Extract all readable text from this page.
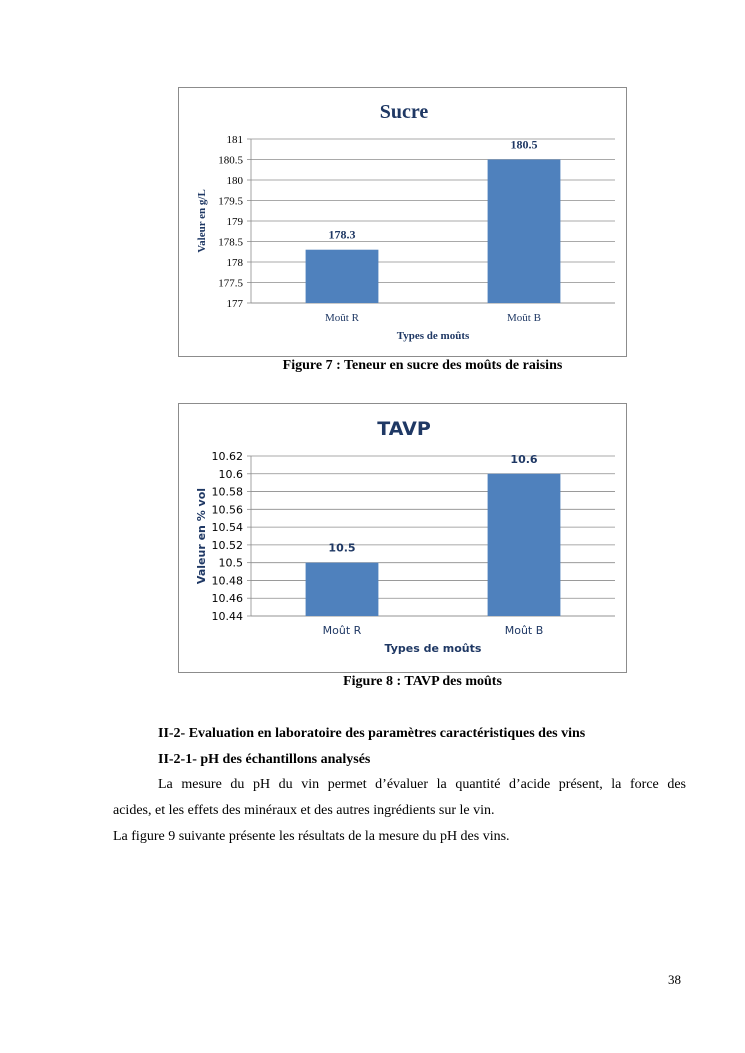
Sucre
177
177.5
178
178.5
179
179.5
180
180.5
181
178.3
Moût R
180.5
Moût B
Types de moûts
Valeur en g/L
Figure 7 : Teneur en sucre des moûts de raisins
TAVP
10.44
10.46
10.48
10.5
10.52
10.54
10.56
10.58
10.6
10.62
10.5
Moût R
10.6
Moût B
Types de moûts
Valeur en % vol
Figure 8 : TAVP des moûts
II-2- Evaluation en laboratoire des paramètres caractéristiques des vins
II-2-1- pH des échantillons analysés
La mesure du pH du vin permet d’évaluer la quantité d’acide présent, la force des
acides, et les effets des minéraux et des autres ingrédients sur le vin.
La figure 9 suivante présente les résultats de la mesure du pH des vins.
38
